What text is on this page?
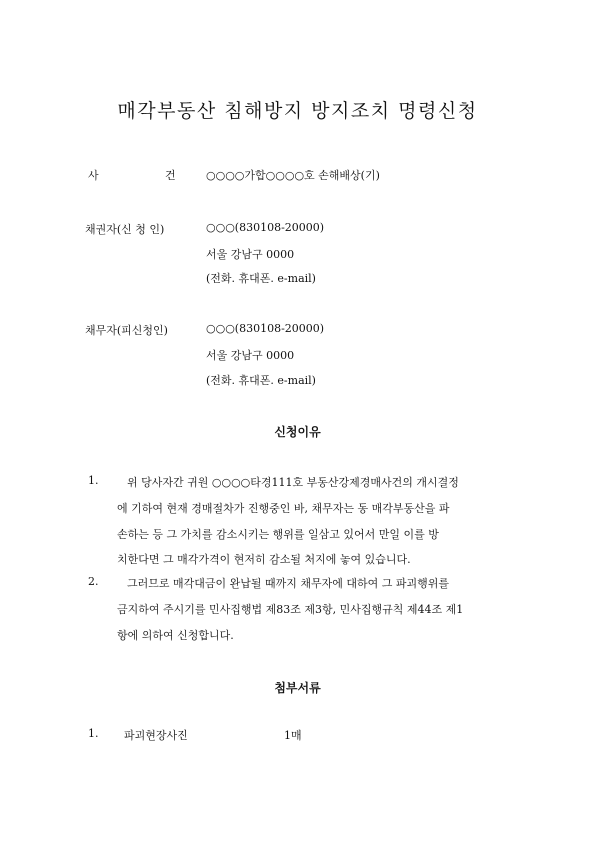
매각부동산 침해방지 방지조치 명령신청
사	건	○○○○가합○○○○호 손해배상(기)
채권자(신 청 인)	○○○(830108-20000)
서울 강남구 0000
(전화. 휴대폰. e-mail)
채무자(피신청인)	○○○(830108-20000)
서울 강남구 0000
(전화. 휴대폰. e-mail)
신청이유
1.	위 당사자간 귀원 ○○○○타경111호 부동산강제경매사건의 개시결정
에 기하여 현재 경매절차가 진행중인 바, 채무자는 동 매각부동산을 파
손하는 등 그 가치를 감소시키는 행위를 일삼고 있어서 만일 이를 방
치한다면 그 매각가격이 현저히 감소될 처지에 놓여 있습니다.
2.	그러므로 매각대금이 완납될 때까지 채무자에 대하여 그 파괴행위를
금지하여 주시기를 민사집행법 제83조 제3항, 민사집행규칙 제44조 제1
항에 의하여 신청합니다.
첨부서류
1. 파괴현장사진	1매
